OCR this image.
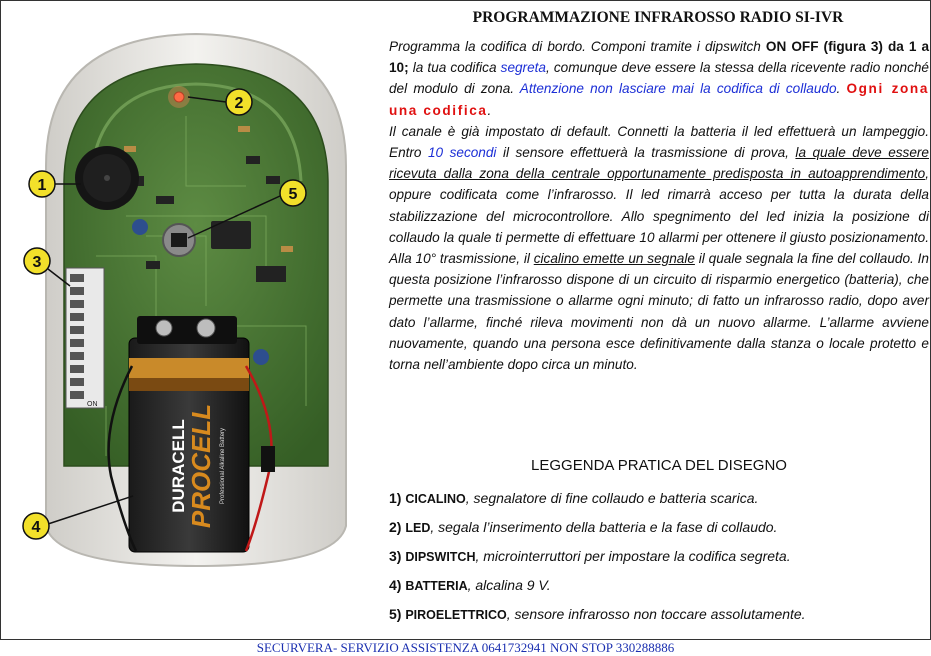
ON
DURACELL
PROCELL Professional Alkaline Battery
1
2
3
4
5
PROGRAMMAZIONE INFRAROSSO RADIO SI-IVR
Programma la codifica di bordo. Componi tramite i dipswitch ON OFF (figura 3) da 1 a 10; la tua codifica segreta, comunque deve essere la stessa della ricevente radio nonché del modulo di zona. Attenzione non lasciare mai la codifica di collaudo. Ogni zona una codifica.
Il canale è già impostato di default. Connetti la batteria il led effettuerà un lampeggio. Entro 10 secondi il sensore effettuerà la trasmissione di prova, la quale deve essere ricevuta dalla zona della centrale opportunamente predisposta in autoapprendimento, oppure codificata come l’infrarosso. Il led rimarrà acceso per tutta la durata della stabilizzazione del microcontrollore. Allo spegnimento del led inizia la posizione di collaudo la quale ti permette di effettuare 10 allarmi per ottenere il giusto posizionamento. Alla 10° trasmissione, il cicalino emette un segnale il quale segnala la fine del collaudo. In questa posizione l’infrarosso dispone di un circuito di risparmio energetico (batteria), che permette una trasmissione o allarme ogni minuto; di fatto un infrarosso radio, dopo aver dato l’allarme, finché rileva movimenti non dà un nuovo allarme. L’allarme avviene nuovamente, quando una persona esce definitivamente dalla stanza o locale protetto e torna nell’ambiente dopo circa un minuto.
LEGGENDA PRATICA DEL DISEGNO
1) CICALINO, segnalatore di fine collaudo e batteria scarica.
2) LED, segala l’inserimento della batteria e la fase di collaudo.
3) DIPSWITCH, microinterruttori per impostare la codifica segreta.
4) BATTERIA, alcalina 9 V.
5) PIROELETTRICO, sensore infrarosso non toccare assolutamente.
SECURVERA- SERVIZIO ASSISTENZA 0641732941 NON STOP 330288886
